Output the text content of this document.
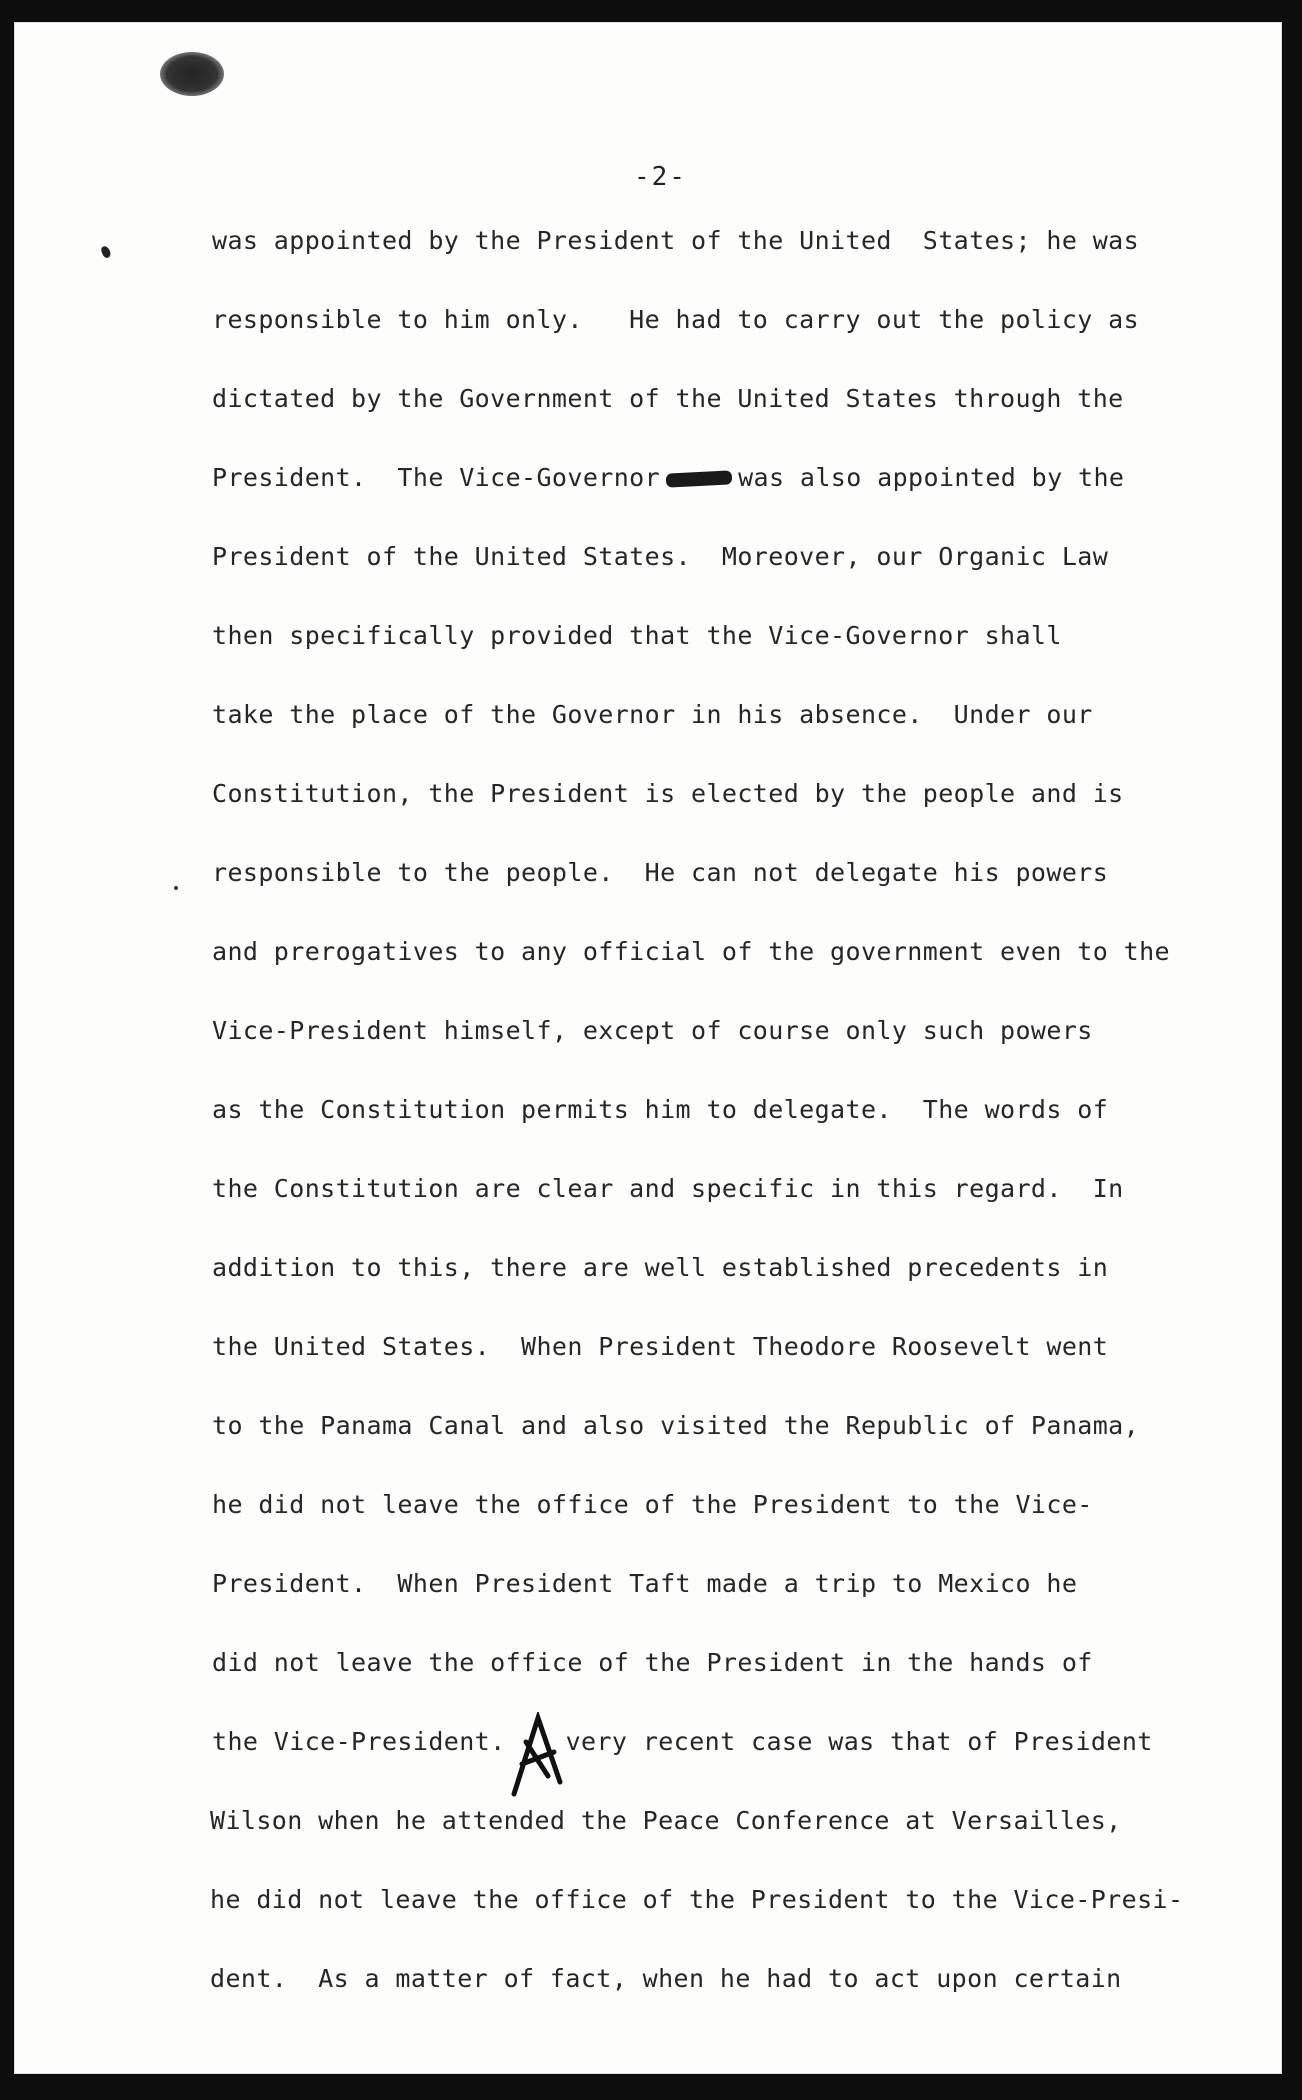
-2-
was appointed by the President of the United  States; he was
responsible to him only.   He had to carry out the policy as
dictated by the Government of the United States through the
President.  The Vice-Governor	was also appointed by the
President of the United States.  Moreover, our Organic Law
then specifically provided that the Vice-Governor shall
take the place of the Governor in his absence.  Under our
Constitution, the President is elected by the people and is
responsible to the people.  He can not delegate his powers
and prerogatives to any official of the government even to the
Vice-President himself, except of course only such powers
as the Constitution permits him to delegate.  The words of
the Constitution are clear and specific in this regard.  In
addition to this, there are well established precedents in
the United States.  When President Theodore Roosevelt went
to the Panama Canal and also visited the Republic of Panama,
he did not leave the office of the President to the Vice-
President.  When President Taft made a trip to Mexico he
did not leave the office of the President in the hands of
the Vice-President. very recent case was that of President
Wilson when he attended the Peace Conference at Versailles,
he did not leave the office of the President to the Vice-Presi-
dent.  As a matter of fact, when he had to act upon certain
